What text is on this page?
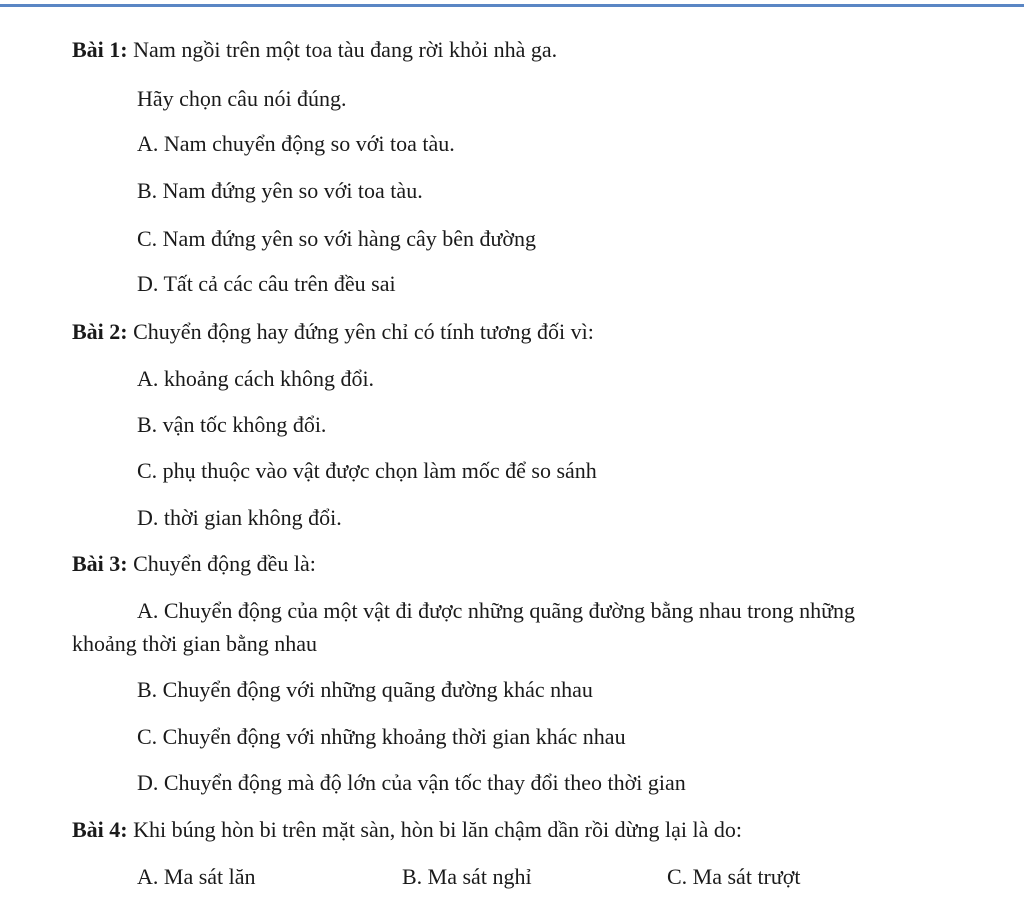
Bài 1: Nam ngồi trên một toa tàu đang rời khỏi nhà ga.
Hãy chọn câu nói đúng.
A. Nam chuyển động so với toa tàu.
B. Nam đứng yên so với toa tàu.
C. Nam đứng yên so với hàng cây bên đường
D. Tất cả các câu trên đều sai
Bài 2: Chuyển động hay đứng yên chỉ có tính tương đối vì:
A. khoảng cách không đổi.
B. vận tốc không đổi.
C. phụ thuộc vào vật được chọn làm mốc để so sánh
D. thời gian không đổi.
Bài 3: Chuyển động đều là:
A. Chuyển động của một vật đi được những quãng đường bằng nhau trong những
khoảng thời gian bằng nhau
B. Chuyển động với những quãng đường khác nhau
C. Chuyển động với những khoảng thời gian khác nhau
D. Chuyển động mà độ lớn của vận tốc thay đổi theo thời gian
Bài 4: Khi búng hòn bi trên mặt sàn, hòn bi lăn chậm dần rồi dừng lại là do:
A. Ma sát lăn	B. Ma sát nghỉ	C. Ma sát trượt
